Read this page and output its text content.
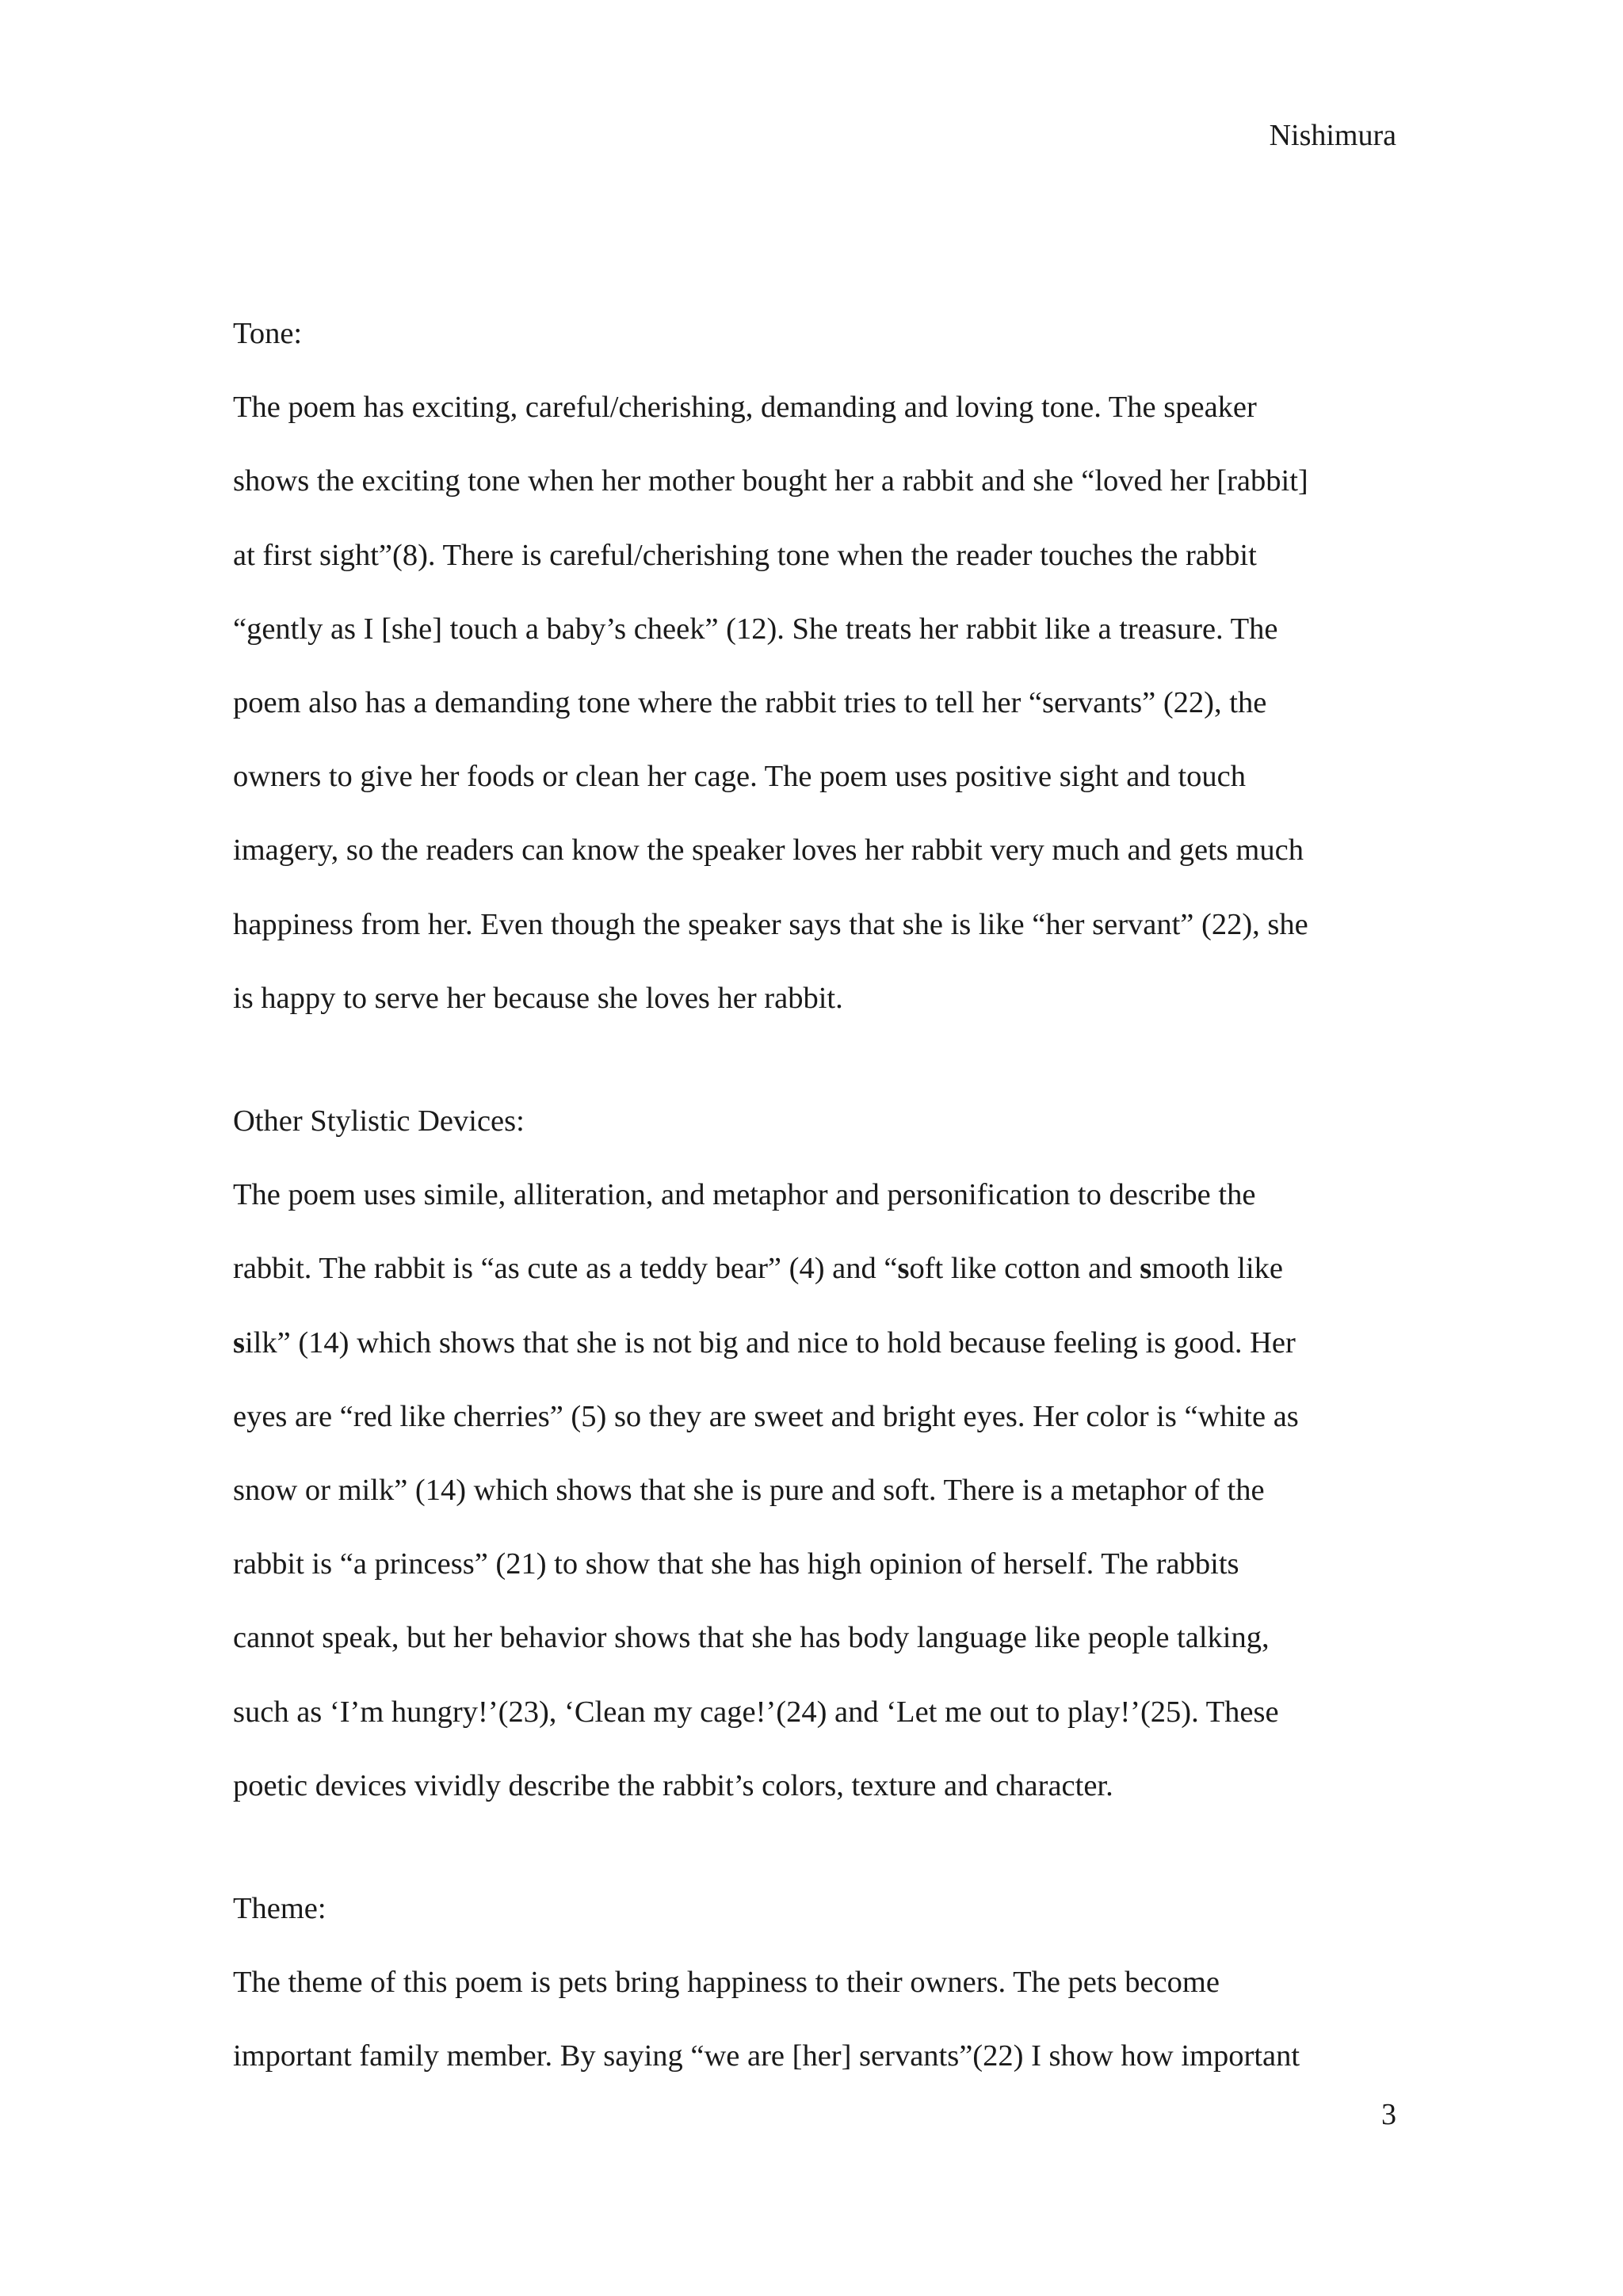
Nishimura
Tone:
The poem has exciting, careful/cherishing, demanding and loving tone. The speaker
shows the exciting tone when her mother bought her a rabbit and she “loved her [rabbit]
at first sight”(8). There is careful/cherishing tone when the reader touches the rabbit
“gently as I [she] touch a baby’s cheek” (12). She treats her rabbit like a treasure. The
poem also has a demanding tone where the rabbit tries to tell her “servants” (22), the
owners to give her foods or clean her cage. The poem uses positive sight and touch
imagery, so the readers can know the speaker loves her rabbit very much and gets much
happiness from her. Even though the speaker says that she is like “her servant” (22), she
is happy to serve her because she loves her rabbit.
Other Stylistic Devices:
The poem uses simile, alliteration, and metaphor and personification to describe the
rabbit. The rabbit is “as cute as a teddy bear” (4) and “soft like cotton and smooth like
silk” (14) which shows that she is not big and nice to hold because feeling is good. Her
eyes are “red like cherries” (5) so they are sweet and bright eyes. Her color is “white as
snow or milk” (14) which shows that she is pure and soft. There is a metaphor of the
rabbit is “a princess” (21) to show that she has high opinion of herself. The rabbits
cannot speak, but her behavior shows that she has body language like people talking,
such as ‘I’m hungry!’(23), ‘Clean my cage!’(24) and ‘Let me out to play!’(25). These
poetic devices vividly describe the rabbit’s colors, texture and character.
Theme:
The theme of this poem is pets bring happiness to their owners. The pets become
important family member. By saying “we are [her] servants”(22) I show how important
3
